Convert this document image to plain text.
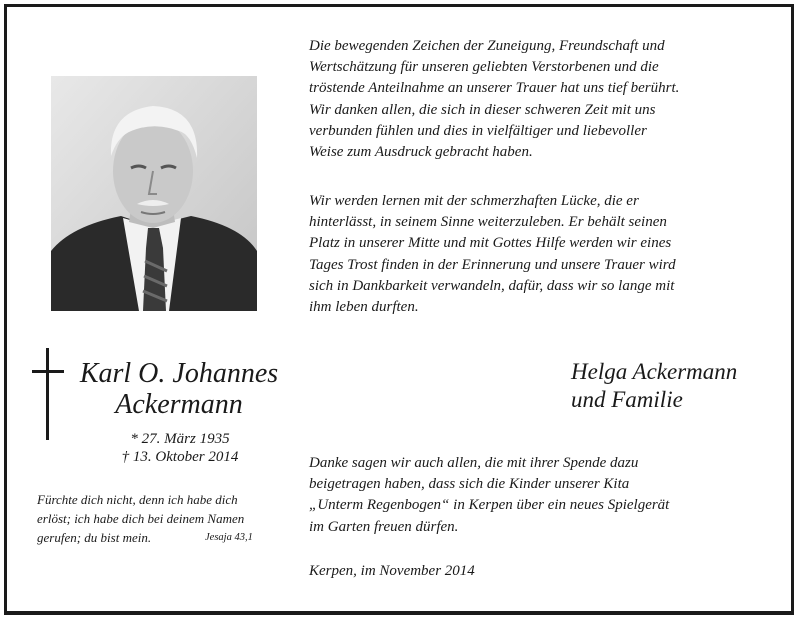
Karl O. Johannes
Ackermann
* 27. März 1935
† 13. Oktober 2014
Fürchte dich nicht, denn ich habe dich
erlöst; ich habe dich bei deinem Namen
gerufen; du bist mein.	Jesaja 43,1
Die bewegenden Zeichen der Zuneigung, Freundschaft und
Wertschätzung für unseren geliebten Verstorbenen und die
tröstende Anteilnahme an unserer Trauer hat uns tief berührt.
Wir danken allen, die sich in dieser schweren Zeit mit uns
verbunden fühlen und dies in vielfältiger und liebevoller
Weise zum Ausdruck gebracht haben.
Wir werden lernen mit der schmerzhaften Lücke, die er
hinterlässt, in seinem Sinne weiterzuleben. Er behält seinen
Platz in unserer Mitte und mit Gottes Hilfe werden wir eines
Tages Trost finden in der Erinnerung und unsere Trauer wird
sich in Dankbarkeit verwandeln, dafür, dass wir so lange mit
ihm leben durften.
Helga Ackermann
und Familie
Danke sagen wir auch allen, die mit ihrer Spende dazu
beigetragen haben, dass sich die Kinder unserer Kita
„Unterm Regenbogen“ in Kerpen über ein neues Spielgerät
im Garten freuen dürfen.
Kerpen, im November 2014
